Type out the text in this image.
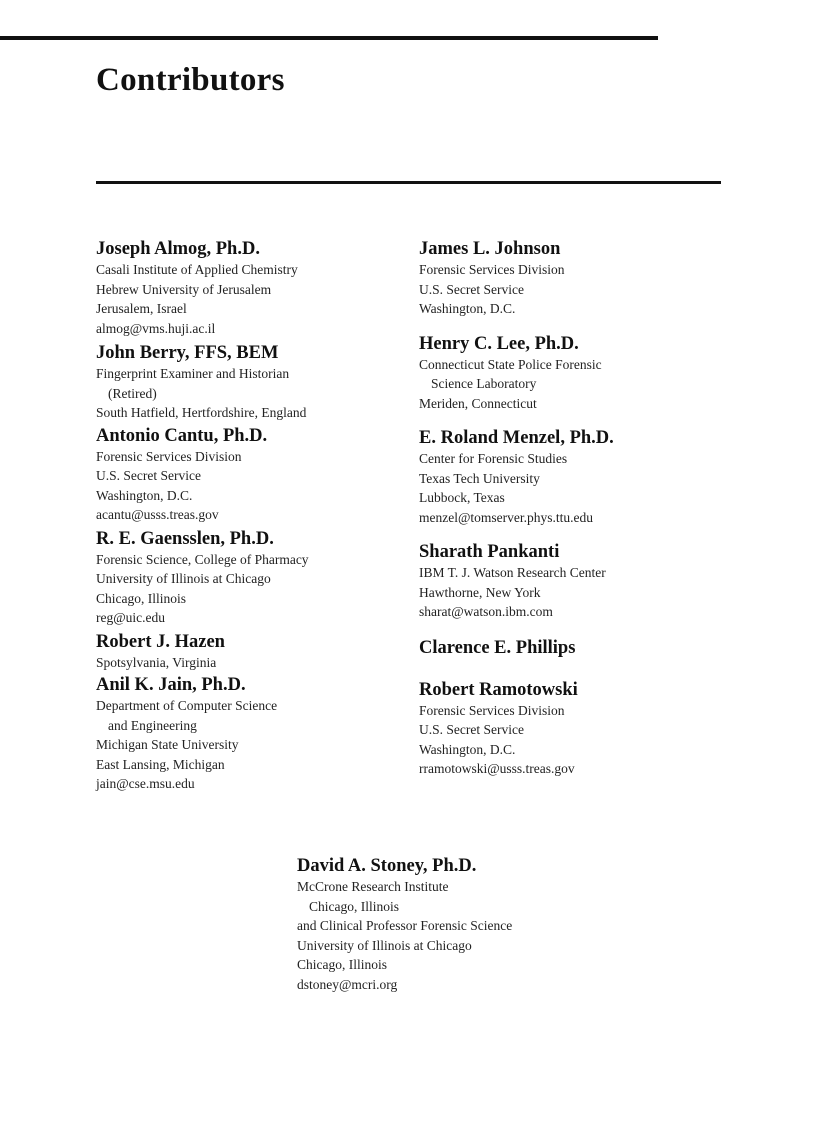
Contributors
Joseph Almog, Ph.D.
Casali Institute of Applied Chemistry
Hebrew University of Jerusalem
Jerusalem, Israel
almog@vms.huji.ac.il
John Berry, FFS, BEM
Fingerprint Examiner and Historian
(Retired)
South Hatfield, Hertfordshire, England
Antonio Cantu, Ph.D.
Forensic Services Division
U.S. Secret Service
Washington, D.C.
acantu@usss.treas.gov
R. E. Gaensslen, Ph.D.
Forensic Science, College of Pharmacy
University of Illinois at Chicago
Chicago, Illinois
reg@uic.edu
Robert J. Hazen
Spotsylvania, Virginia
Anil K. Jain, Ph.D.
Department of Computer Science
and Engineering
Michigan State University
East Lansing, Michigan
jain@cse.msu.edu
James L. Johnson
Forensic Services Division
U.S. Secret Service
Washington, D.C.
Henry C. Lee, Ph.D.
Connecticut State Police Forensic
Science Laboratory
Meriden, Connecticut
E. Roland Menzel, Ph.D.
Center for Forensic Studies
Texas Tech University
Lubbock, Texas
menzel@tomserver.phys.ttu.edu
Sharath Pankanti
IBM T. J. Watson Research Center
Hawthorne, New York
sharat@watson.ibm.com
Clarence E. Phillips
Robert Ramotowski
Forensic Services Division
U.S. Secret Service
Washington, D.C.
rramotowski@usss.treas.gov
David A. Stoney, Ph.D.
McCrone Research Institute
Chicago, Illinois
and Clinical Professor Forensic Science
University of Illinois at Chicago
Chicago, Illinois
dstoney@mcri.org
